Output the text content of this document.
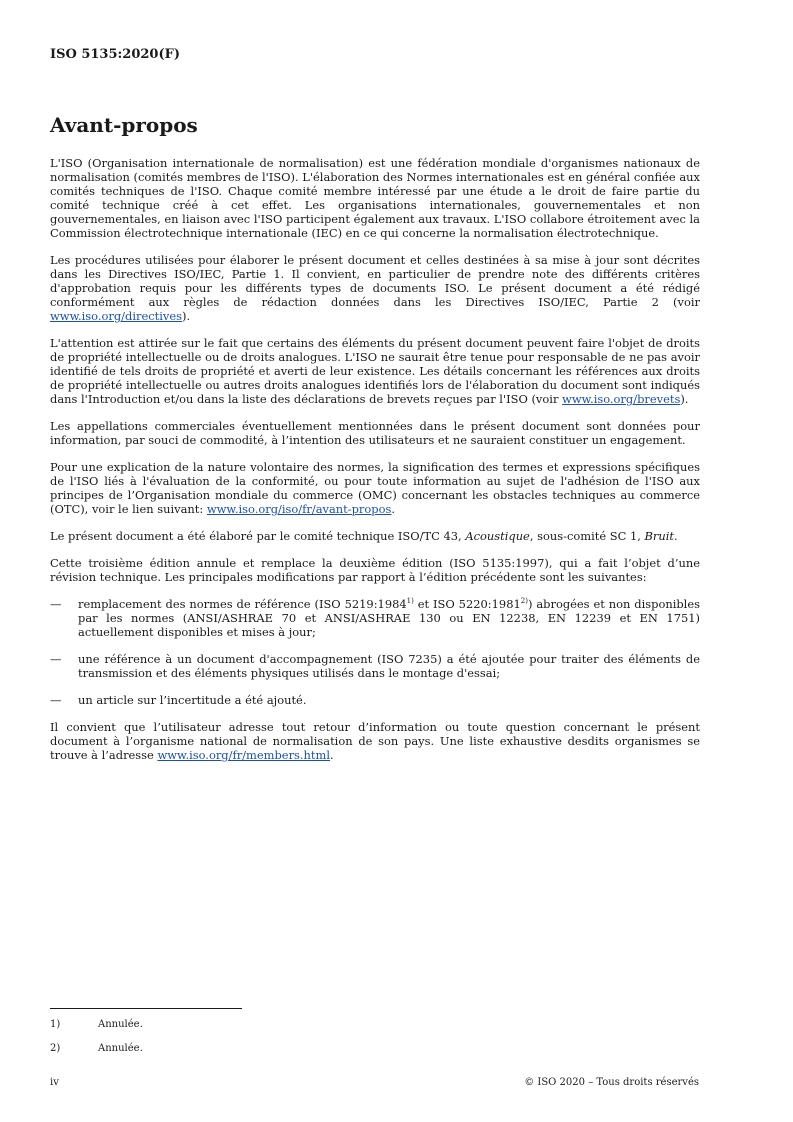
ISO 5135:2020(F)
Avant-propos

L'ISO (Organisation internationale de normalisation) est une fédération mondiale d'organismes nationaux de normalisation (comités membres de l'ISO). L'élaboration des Normes internationales est en général confiée aux comités techniques de l'ISO. Chaque comité membre intéressé par une étude a le droit de faire partie du comité technique créé à cet effet. Les organisations internationales, gouvernementales et non gouvernementales, en liaison avec l'ISO participent également aux travaux. L'ISO collabore étroitement avec la Commission électrotechnique internationale (IEC) en ce qui concerne la normalisation électrotechnique.

Les procédures utilisées pour élaborer le présent document et celles destinées à sa mise à jour sont décrites dans les Directives ISO/IEC, Partie 1. Il convient, en particulier de prendre note des différents critères d'approbation requis pour les différents types de documents ISO. Le présent document a été rédigé conformément aux règles de rédaction données dans les Directives ISO/IEC, Partie 2 (voir www.iso.org/directives).

L'attention est attirée sur le fait que certains des éléments du présent document peuvent faire l'objet de droits de propriété intellectuelle ou de droits analogues. L'ISO ne saurait être tenue pour responsable de ne pas avoir identifié de tels droits de propriété et averti de leur existence. Les détails concernant les références aux droits de propriété intellectuelle ou autres droits analogues identifiés lors de l'élaboration du document sont indiqués dans l'Introduction et/ou dans la liste des déclarations de brevets reçues par l'ISO (voir www.iso.org/brevets).

Les appellations commerciales éventuellement mentionnées dans le présent document sont données pour information, par souci de commodité, à l’intention des utilisateurs et ne sauraient constituer un engagement.

Pour une explication de la nature volontaire des normes, la signification des termes et expressions spécifiques de l'ISO liés à l'évaluation de la conformité, ou pour toute information au sujet de l'adhésion de l'ISO aux principes de l’Organisation mondiale du commerce (OMC) concernant les obstacles techniques au commerce (OTC), voir le lien suivant: www.iso.org/iso/fr/avant-propos.

Le présent document a été élaboré par le comité technique ISO/TC 43, Acoustique, sous-comité SC 1, Bruit.

Cette troisième édition annule et remplace la deuxième édition (ISO 5135:1997), qui a fait l’objet d’une révision technique. Les principales modifications par rapport à l’édition précédente sont les suivantes:

— remplacement des normes de référence (ISO 5219:1984$^{1)}$ et ISO 5220:1981$^{2)}$) abrogées et non disponibles par les normes (ANSI/ASHRAE 70 et ANSI/ASHRAE 130 ou EN 12238, EN 12239 et EN 1751) actuellement disponibles et mises à jour;
— une référence à un document d'accompagnement (ISO 7235) a été ajoutée pour traiter des éléments de transmission et des éléments physiques utilisés dans le montage d'essai;
— un article sur l’incertitude a été ajouté.

Il convient que l’utilisateur adresse tout retour d’information ou toute question concernant le présent document à l’organisme national de normalisation de son pays. Une liste exhaustive desdits organismes se trouve à l’adresse www.iso.org/fr/members.html.

1)	Annulée.
2)	Annulée.
iv	© ISO 2020 – Tous droits réservés
